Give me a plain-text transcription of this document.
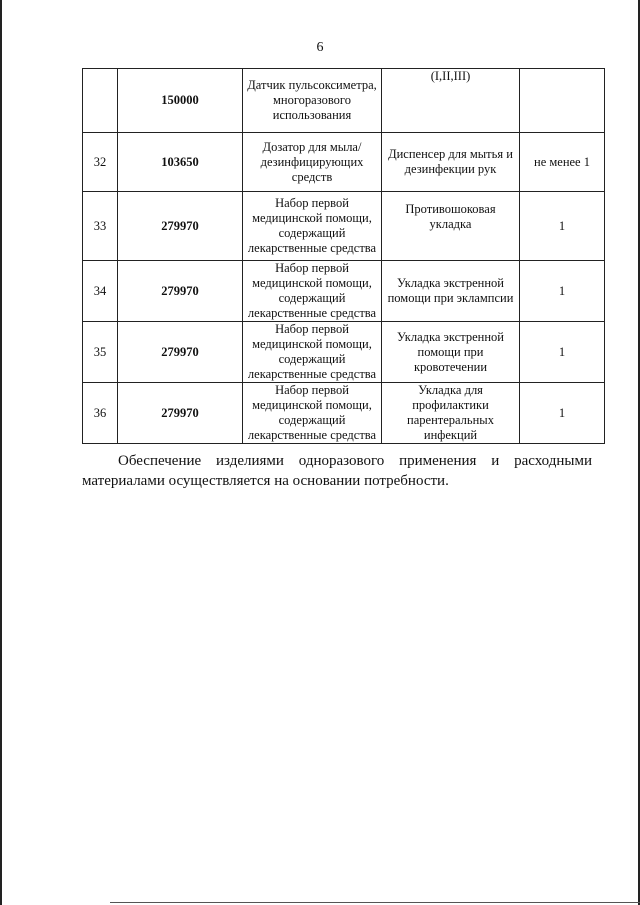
6
	150000	Датчик пульсоксиметра, многоразового использования	(I,II,III)	
32	103650	Дозатор для мыла/ дезинфицирующих средств	Диспенсер для мытья и дезинфекции рук	не менее 1
33	279970	Набор первой медицинской помощи, содержащий лекарственные средства	Противошоковая укладка	1
34	279970	Набор первой медицинской помощи, содержащий лекарственные средства	Укладка экстренной помощи при эклампсии	1
35	279970	Набор первой медицинской помощи, содержащий лекарственные средства	Укладка экстренной помощи при кровотечении	1
36	279970	Набор первой медицинской помощи, содержащий лекарственные средства	Укладка для профилактики парентеральных инфекций	1

Обеспечение изделиями одноразового применения и расходными материалами осуществляется на основании потребности.
